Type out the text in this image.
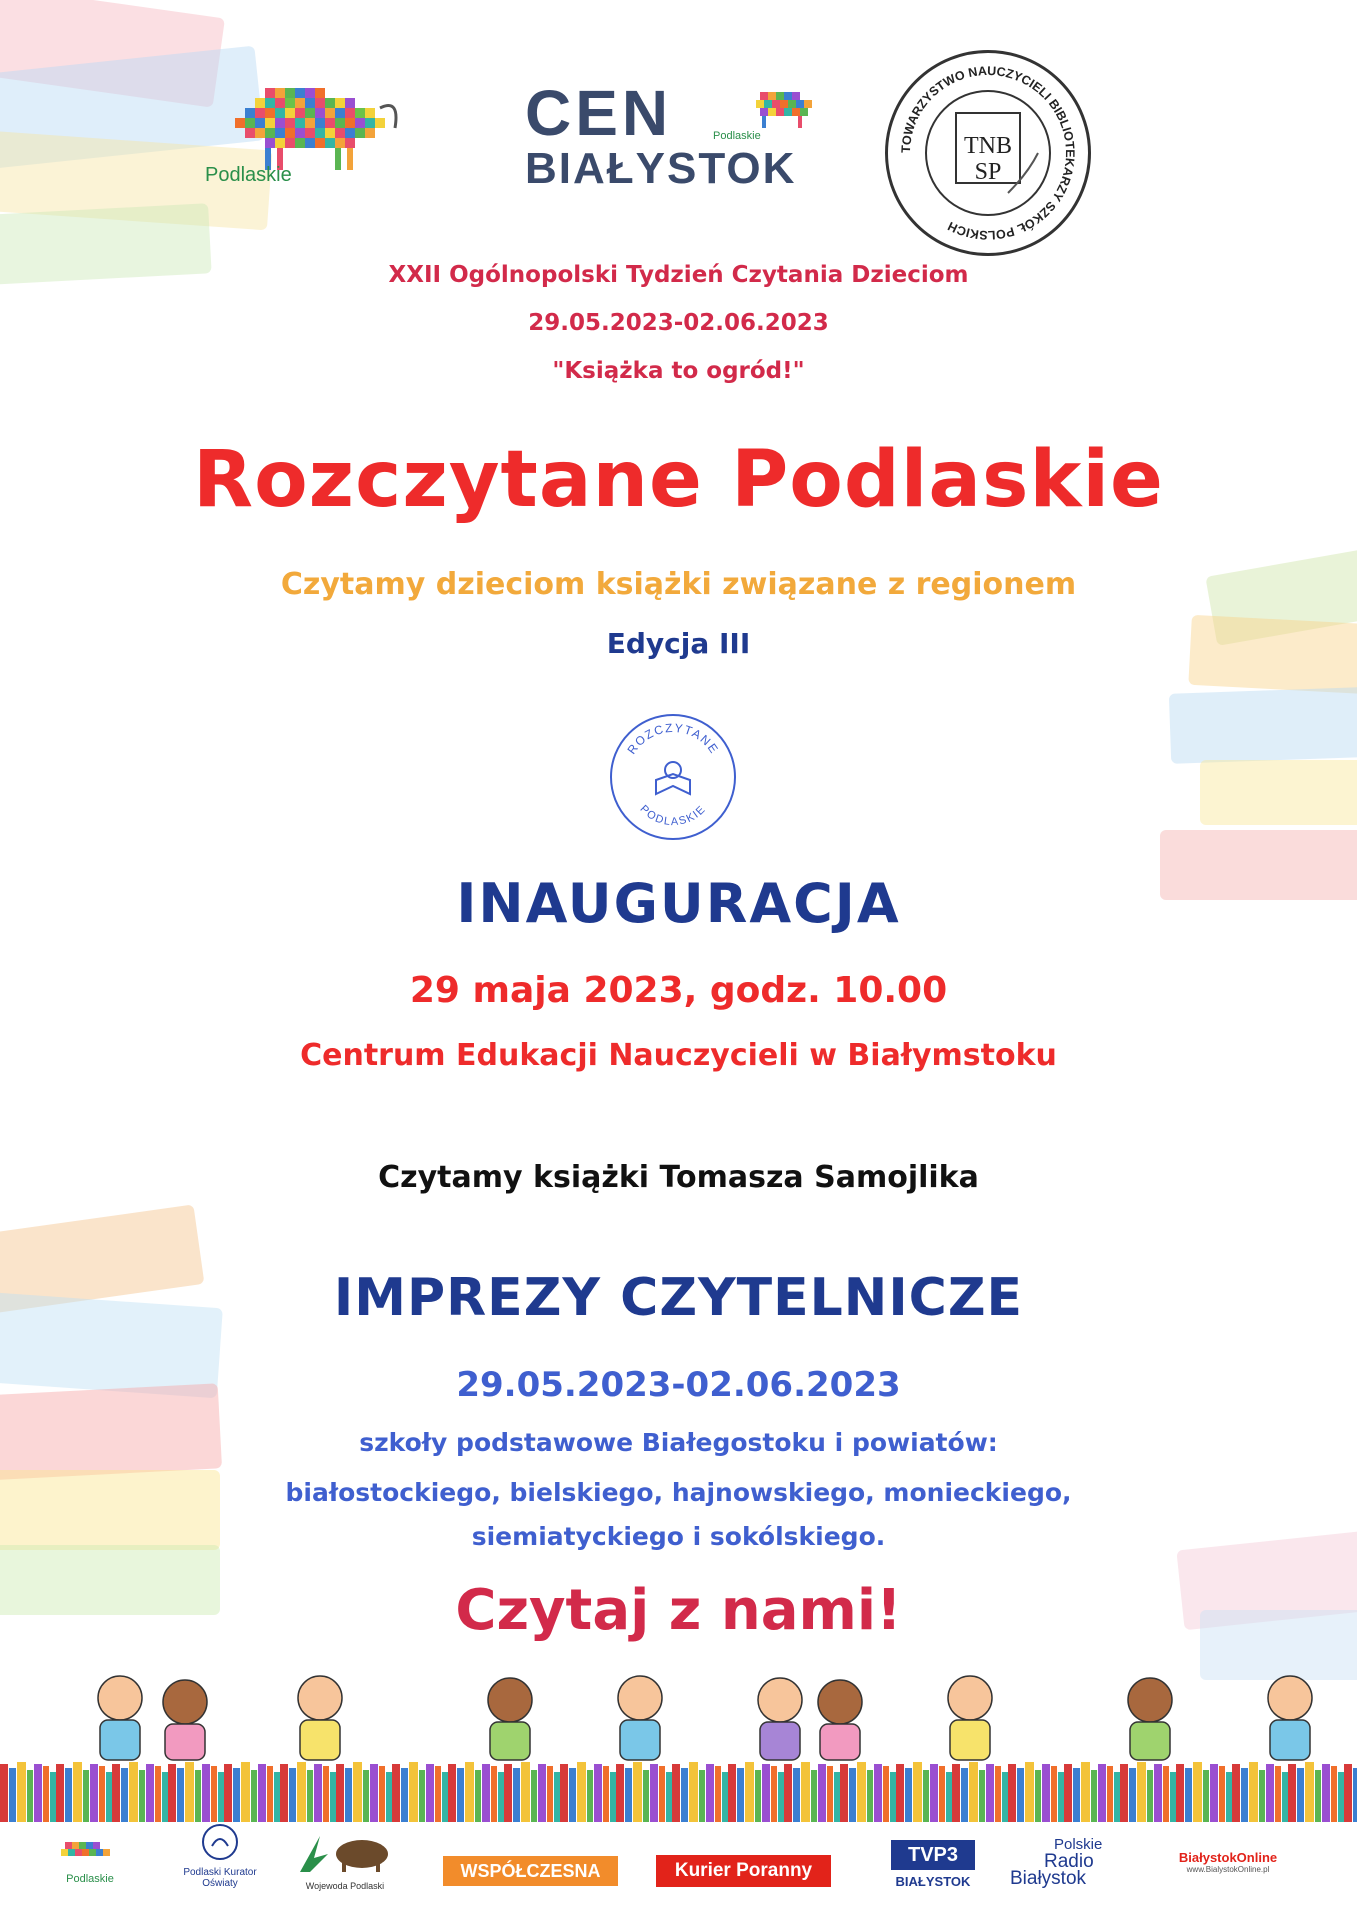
Podlaskie
CEN
BIAŁYSTOK
Podlaskie
TOWARZYSTWO NAUCZYCIELI BIBLIOTEKARZY SZKÓŁ POLSKICH
TNB SP
XXII Ogólnopolski Tydzień Czytania Dzieciom
29.05.2023-02.06.2023
"Książka to ogród!"
Rozczytane Podlaskie
Czytamy dzieciom książki związane z regionem
Edycja III
ROZCZYTANE
PODLASKIE
INAUGURACJA
29 maja 2023, godz. 10.00
Centrum Edukacji Nauczycieli w Białymstoku
Czytamy książki Tomasza Samojlika
IMPREZY CZYTELNICZE
29.05.2023-02.06.2023
szkoły podstawowe Białegostoku i powiatów:
białostockiego, bielskiego, hajnowskiego, monieckiego,
siemiatyckiego i sokólskiego.
Czytaj z nami!
Podlaskie
Podlaski Kurator
Oświaty	Wojewoda Podlaski
WSPÓŁCZESNA	Kurier Poranny
TVP3
BIAŁYSTOK
Polskie
Radio
Białystok
BiałystokOnline
www.BialystokOnline.pl
